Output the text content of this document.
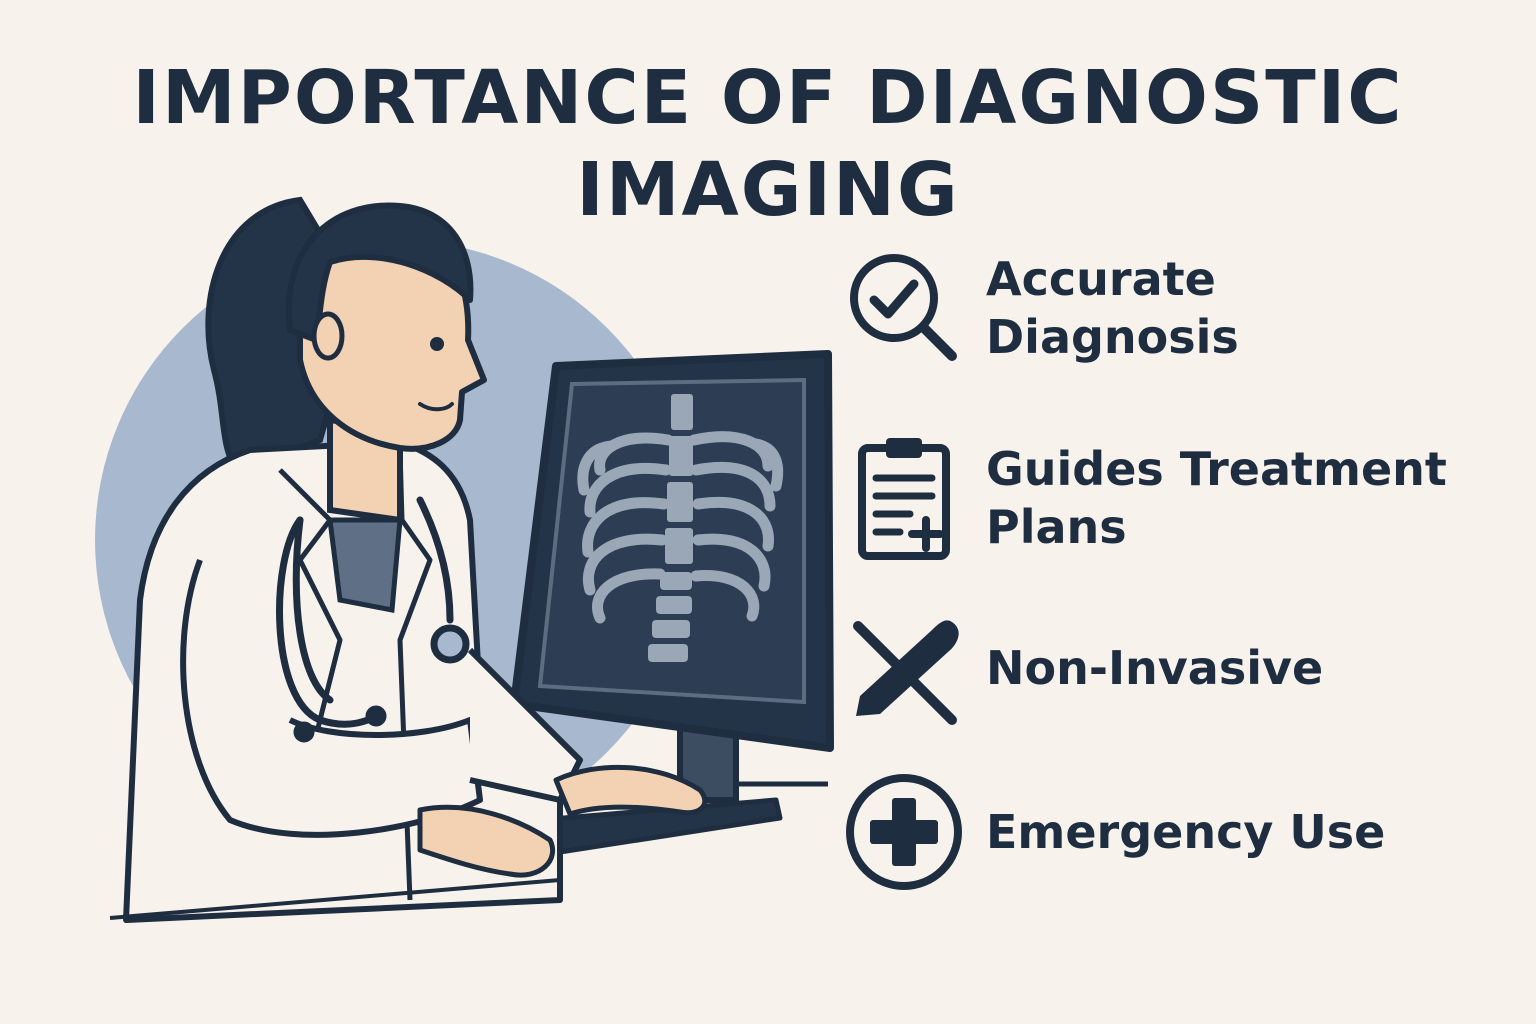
IMPORTANCE OF DIAGNOSTIC IMAGING
Accurate Diagnosis
Guides Treatment Plans
Non-Invasive
Emergency Use
